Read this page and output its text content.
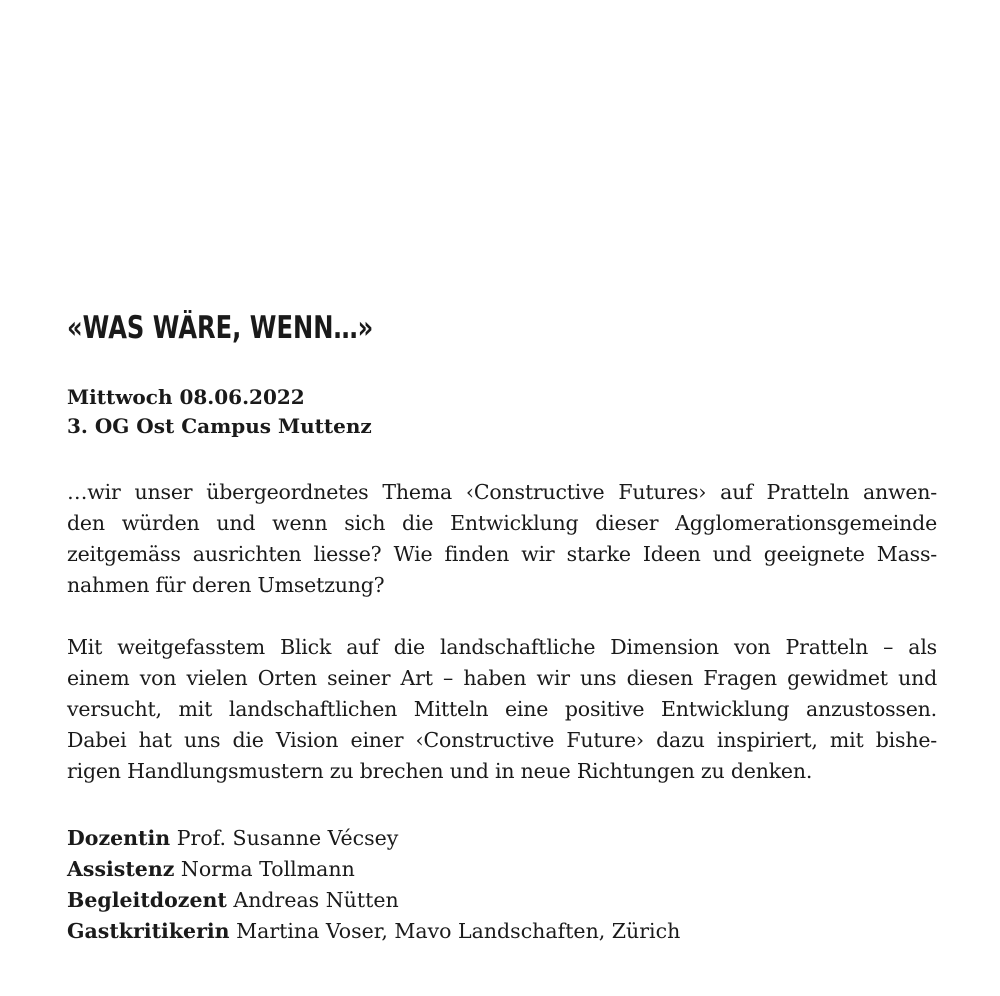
«WAS WÄRE, WENN…»
Mittwoch 08.06.2022
3. OG Ost Campus Muttenz

…wir unser übergeordnetes Thema ‹Constructive Futures› auf Pratteln anwen-
den würden und wenn sich die Entwicklung dieser Agglomerationsgemeinde
zeitgemäss ausrichten liesse? Wie finden wir starke Ideen und geeignete Mass-
nahmen für deren Umsetzung?

Mit weitgefasstem Blick auf die landschaftliche Dimension von Pratteln – als
einem von vielen Orten seiner Art – haben wir uns diesen Fragen gewidmet und
versucht, mit landschaftlichen Mitteln eine positive Entwicklung anzustossen.
Dabei hat uns die Vision einer ‹Constructive Future› dazu inspiriert, mit bishe-
rigen Handlungsmustern zu brechen und in neue Richtungen zu denken.

Dozentin Prof. Susanne Vécsey
Assistenz Norma Tollmann
Begleitdozent Andreas Nütten
Gastkritikerin Martina Voser, Mavo Landschaften, Zürich
